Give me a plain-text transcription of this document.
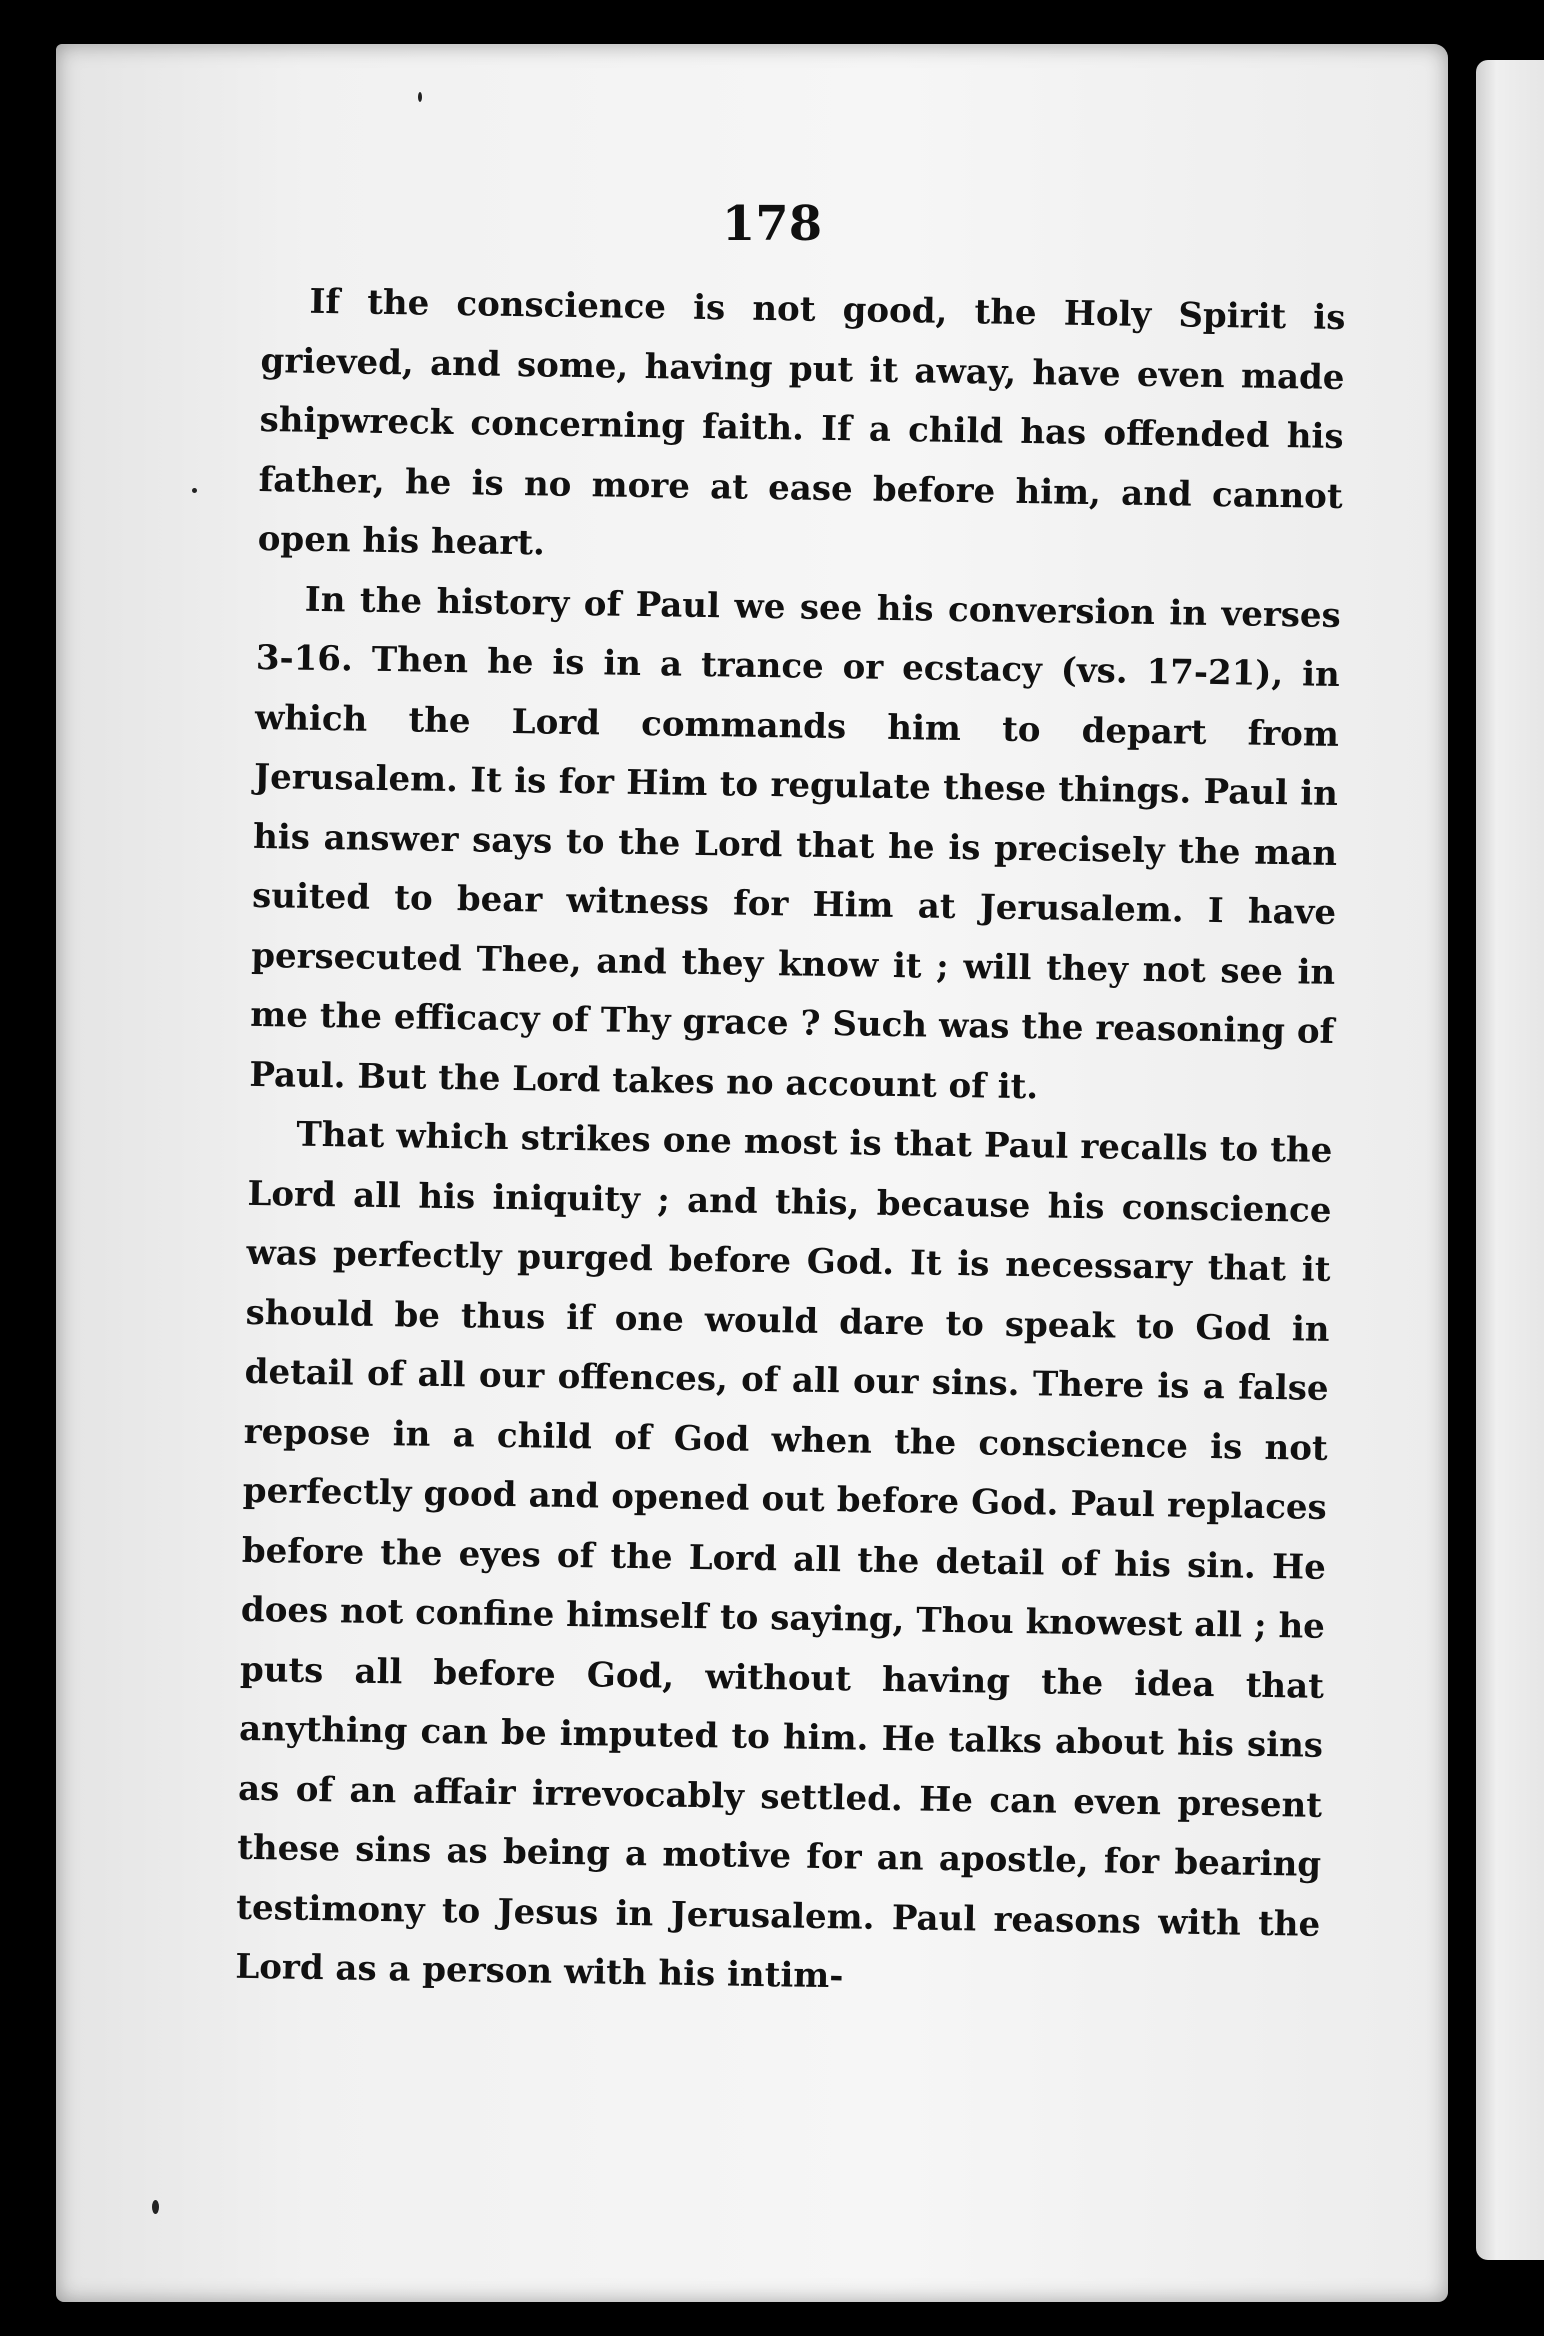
178

If the conscience is not good, the Holy Spirit is grieved, and some, having put it away, have even made shipwreck concerning faith. If a child has offended his father, he is no more at ease before him, and cannot open his heart.

In the history of Paul we see his conversion in verses 3-16. Then he is in a trance or ecstacy (vs. 17-21), in which the Lord commands him to depart from Jerusalem. It is for Him to regulate these things. Paul in his answer says to the Lord that he is precisely the man suited to bear witness for Him at Jerusalem. I have persecuted Thee, and they know it ; will they not see in me the efficacy of Thy grace ? Such was the reasoning of Paul. But the Lord takes no account of it.

That which strikes one most is that Paul recalls to the Lord all his iniquity ; and this, because his conscience was perfectly purged before God. It is necessary that it should be thus if one would dare to speak to God in detail of all our offences, of all our sins. There is a false repose in a child of God when the conscience is not perfectly good and opened out before God. Paul replaces before the eyes of the Lord all the detail of his sin. He does not confine himself to saying, Thou knowest all ; he puts all before God, without having the idea that anything can be imputed to him. He talks about his sins as of an affair irrevocably settled. He can even present these sins as being a motive for an apostle, for bearing testimony to Jesus in Jerusalem. Paul reasons with the Lord as a person with his intim-
